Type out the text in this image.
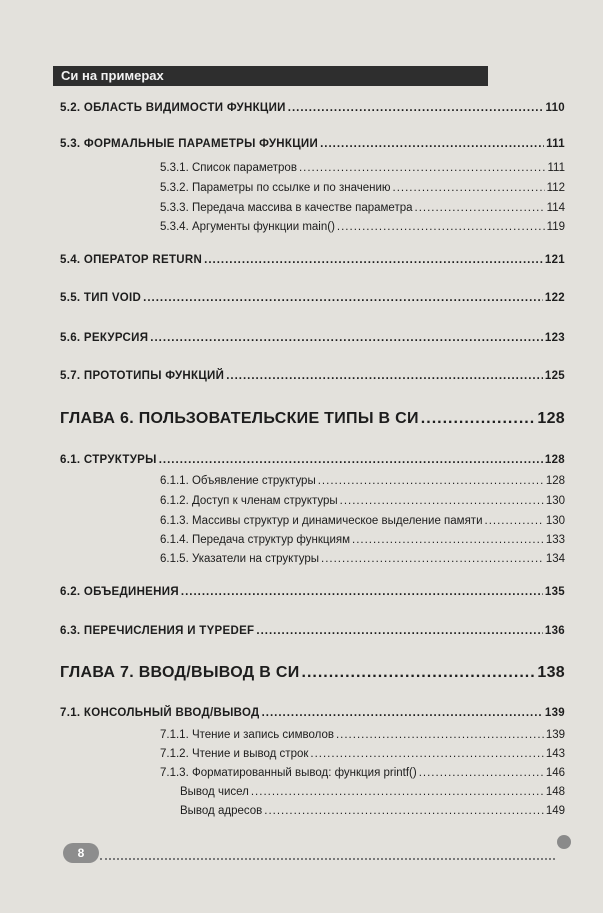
Си на примерах
5.2. ОБЛАСТЬ ВИДИМОСТИ ФУНКЦИИ .....	110
5.3. ФОРМАЛЬНЫЕ ПАРАМЕТРЫ ФУНКЦИИ .....	111
5.3.1. Список параметров .....	111
5.3.2. Параметры по ссылке и по значению .....	112
5.3.3. Передача массива в качестве параметра .....	114
5.3.4. Аргументы функции main() .....	119
5.4. ОПЕРАТОР RETURN .....	121
5.5. ТИП VOID .....	122
5.6. РЕКУРСИЯ .....	123
5.7. ПРОТОТИПЫ ФУНКЦИЙ .....	125
ГЛАВА 6. ПОЛЬЗОВАТЕЛЬСКИЕ ТИПЫ В СИ .....	128
6.1. СТРУКТУРЫ .....	128
6.1.1. Объявление структуры .....	128
6.1.2. Доступ к членам структуры .....	130
6.1.3. Массивы структур и динамическое выделение памяти .....	130
6.1.4. Передача структур функциям .....	133
6.1.5. Указатели на структуры .....	134
6.2. ОБЪЕДИНЕНИЯ .....	135
6.3. ПЕРЕЧИСЛЕНИЯ И TYPEDEF .....	136
ГЛАВА 7. ВВОД/ВЫВОД В СИ .....	138
7.1. КОНСОЛЬНЫЙ ВВОД/ВЫВОД .....	139
7.1.1. Чтение и запись символов .....	139
7.1.2. Чтение и вывод строк .....	143
7.1.3. Форматированный вывод: функция printf() .....	146
Вывод чисел .....	148
Вывод адресов .....	149
8
